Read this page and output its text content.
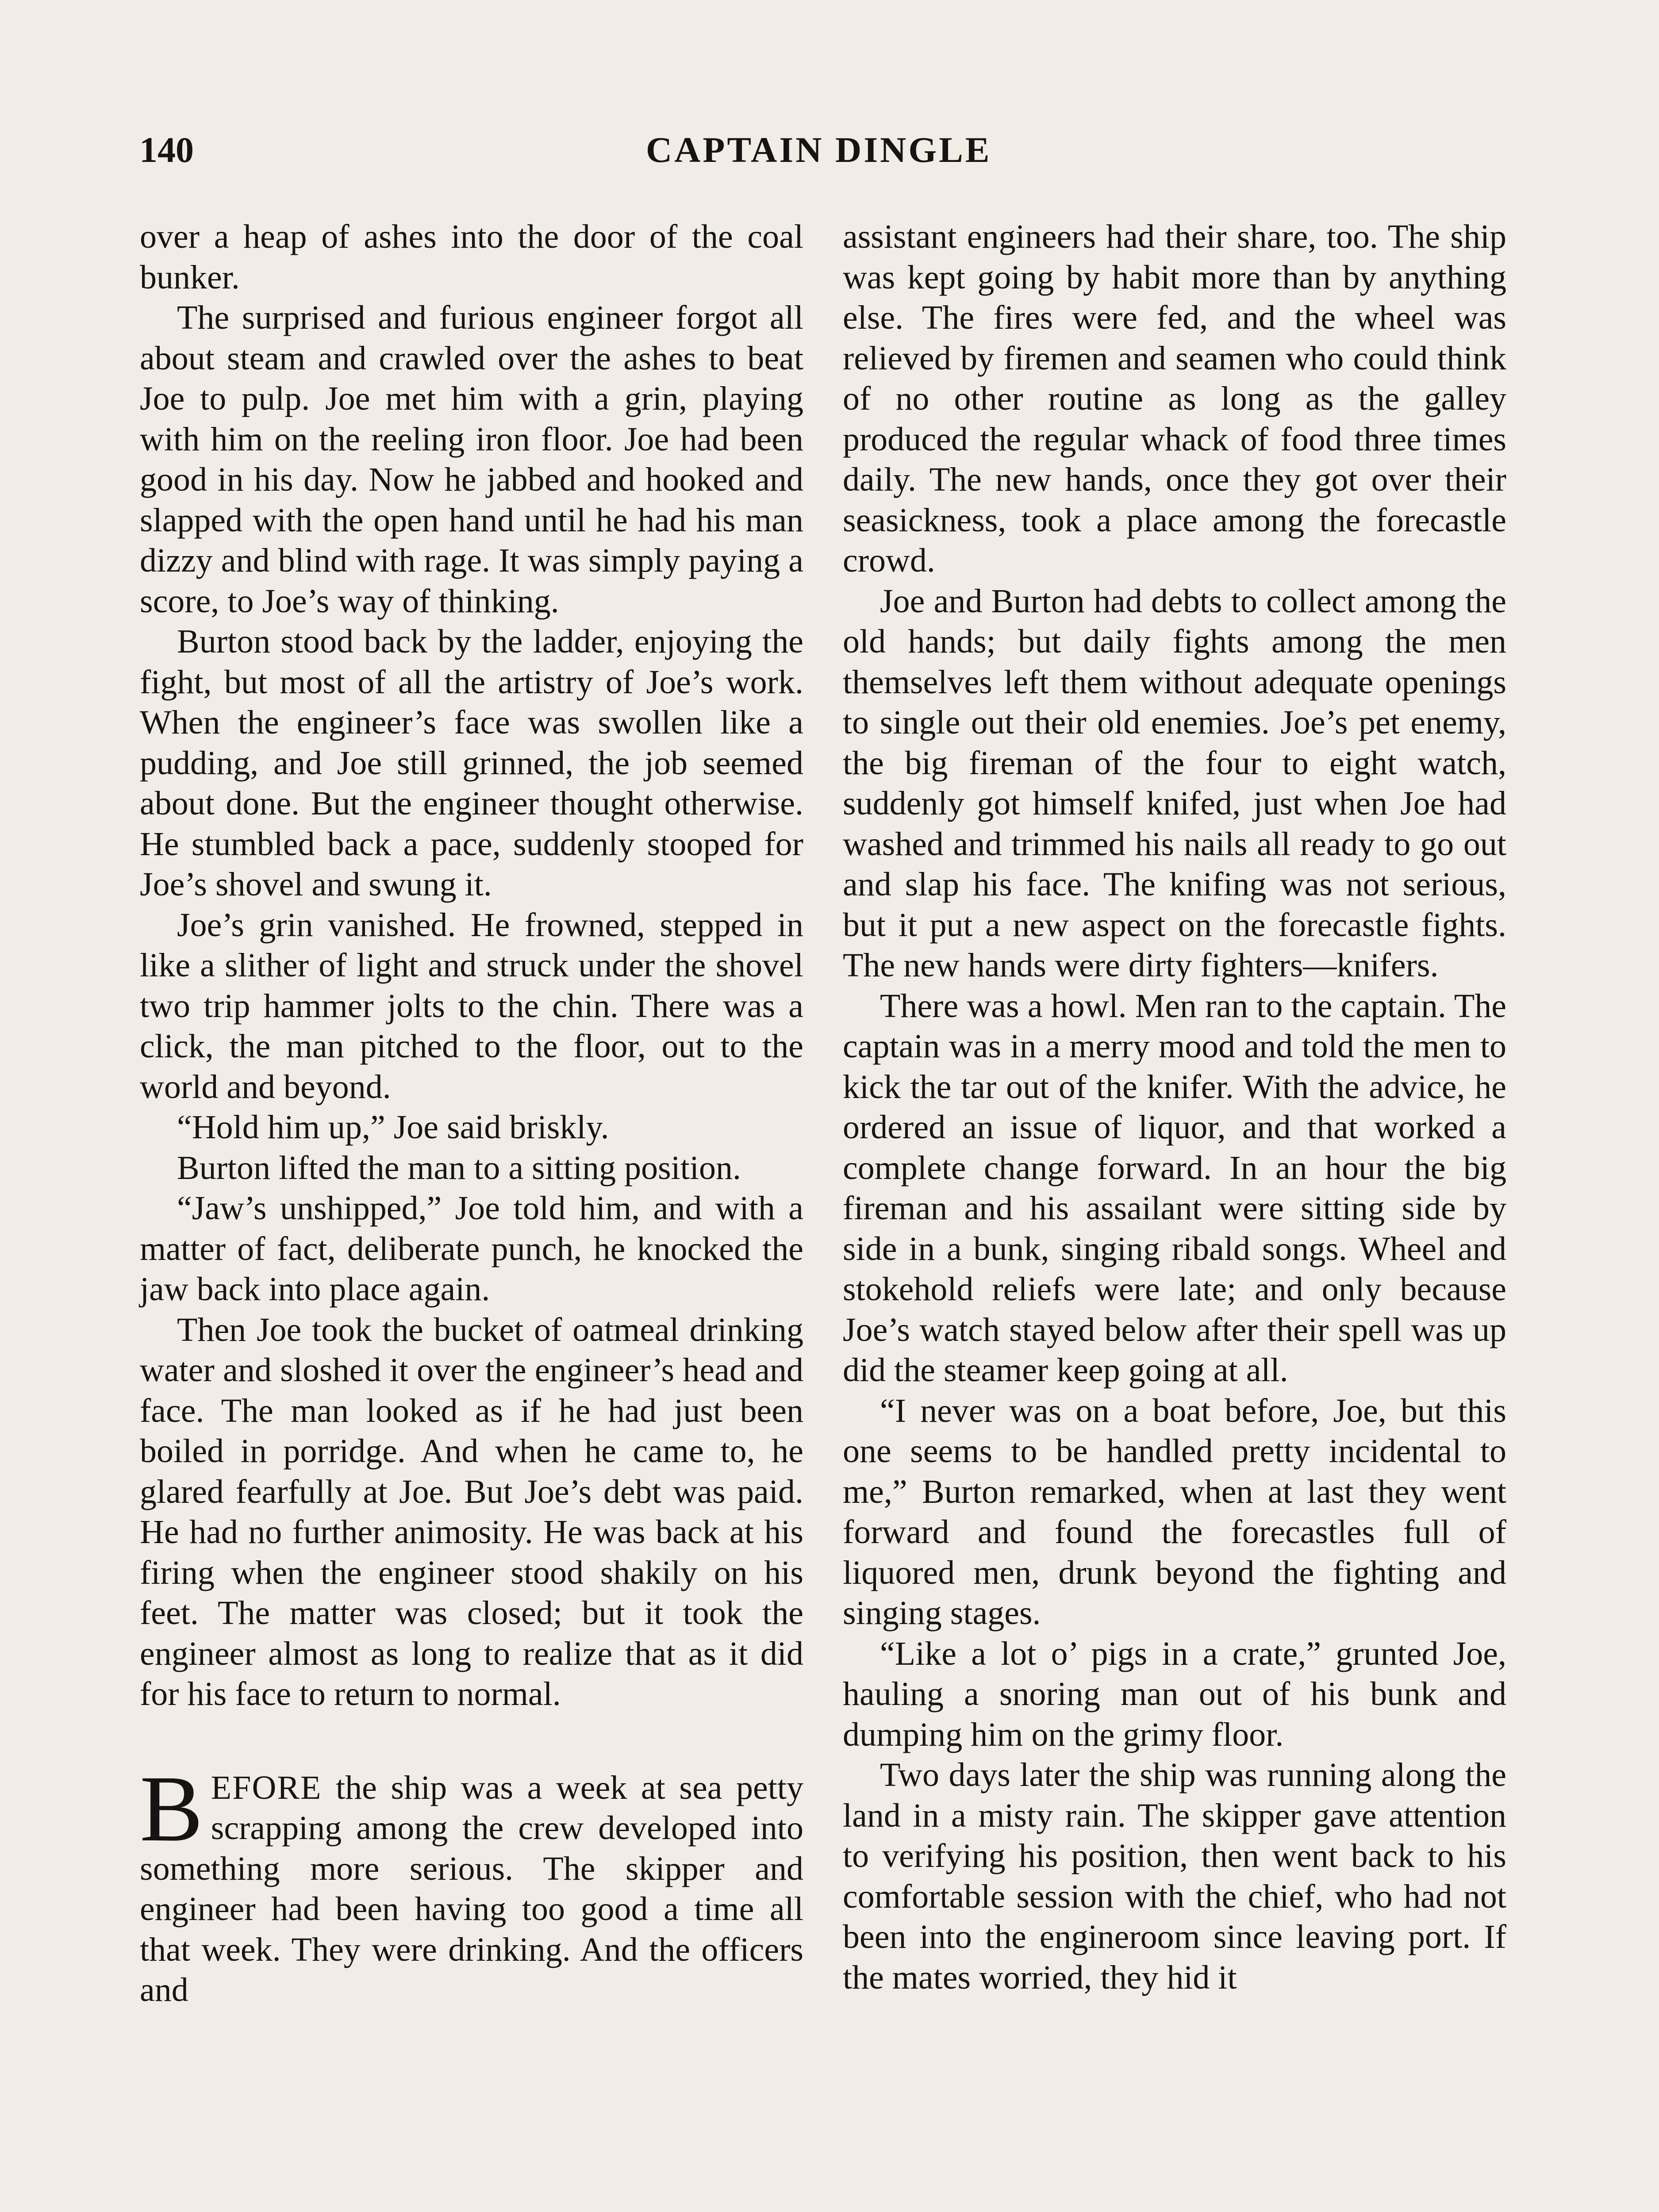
140	CAPTAIN DINGLE

over a heap of ashes into the door of the coal bunker.

The surprised and furious engineer forgot all about steam and crawled over the ashes to beat Joe to pulp. Joe met him with a grin, playing with him on the reeling iron floor. Joe had been good in his day. Now he jabbed and hooked and slapped with the open hand until he had his man dizzy and blind with rage. It was simply paying a score, to Joe’s way of thinking.

Burton stood back by the ladder, enjoying the fight, but most of all the artistry of Joe’s work. When the engineer’s face was swollen like a pudding, and Joe still grinned, the job seemed about done. But the engineer thought otherwise. He stumbled back a pace, suddenly stooped for Joe’s shovel and swung it.

Joe’s grin vanished. He frowned, stepped in like a slither of light and struck under the shovel two trip hammer jolts to the chin. There was a click, the man pitched to the floor, out to the world and beyond.

“Hold him up,” Joe said briskly.

Burton lifted the man to a sitting position.

“Jaw’s unshipped,” Joe told him, and with a matter of fact, deliberate punch, he knocked the jaw back into place again.

Then Joe took the bucket of oatmeal drinking water and sloshed it over the engineer’s head and face. The man looked as if he had just been boiled in porridge. And when he came to, he glared fearfully at Joe. But Joe’s debt was paid. He had no further animosity. He was back at his firing when the engineer stood shakily on his feet. The matter was closed; but it took the engineer almost as long to realize that as it did for his face to return to normal.

BEFORE the ship was a week at sea petty scrapping among the crew developed into something more serious. The skipper and engineer had been having too good a time all that week. They were drinking. And the officers and

assistant engineers had their share, too. The ship was kept going by habit more than by anything else. The fires were fed, and the wheel was relieved by firemen and seamen who could think of no other routine as long as the galley produced the regular whack of food three times daily. The new hands, once they got over their seasickness, took a place among the forecastle crowd.

Joe and Burton had debts to collect among the old hands; but daily fights among the men themselves left them without adequate openings to single out their old enemies. Joe’s pet enemy, the big fireman of the four to eight watch, suddenly got himself knifed, just when Joe had washed and trimmed his nails all ready to go out and slap his face. The knifing was not serious, but it put a new aspect on the forecastle fights. The new hands were dirty fighters—knifers.

There was a howl. Men ran to the captain. The captain was in a merry mood and told the men to kick the tar out of the knifer. With the advice, he ordered an issue of liquor, and that worked a complete change forward. In an hour the big fireman and his assailant were sitting side by side in a bunk, singing ribald songs. Wheel and stokehold reliefs were late; and only because Joe’s watch stayed below after their spell was up did the steamer keep going at all.

“I never was on a boat before, Joe, but this one seems to be handled pretty incidental to me,” Burton remarked, when at last they went forward and found the forecastles full of liquored men, drunk beyond the fighting and singing stages.

“Like a lot o’ pigs in a crate,” grunted Joe, hauling a snoring man out of his bunk and dumping him on the grimy floor.

Two days later the ship was running along the land in a misty rain. The skipper gave attention to verifying his position, then went back to his comfortable session with the chief, who had not been into the engineroom since leaving port. If the mates worried, they hid it
